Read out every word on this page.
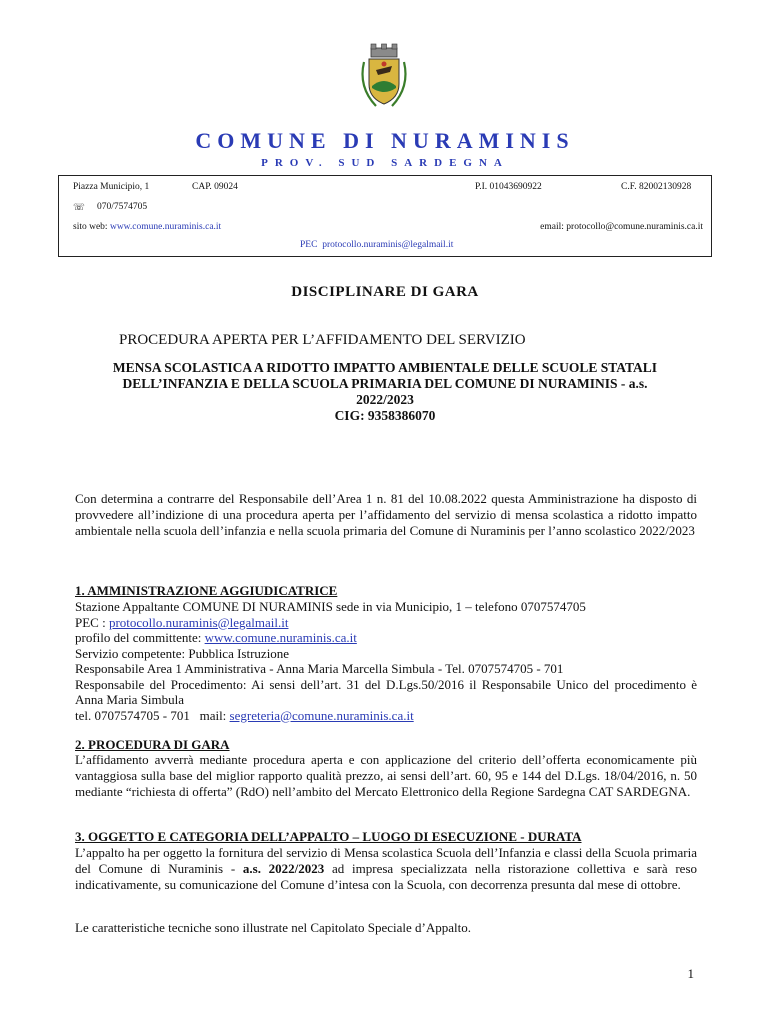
COMUNE DI NURAMINIS
PROV. SUD SARDEGNA
Piazza Municipio, 1	CAP. 09024	P.I. 01043690922	C.F. 82002130928
☏ 070/7574705
sito web: www.comune.nuraminis.ca.it	email: protocollo@comune.nuraminis.ca.it
PEC protocollo.nuraminis@legalmail.it
DISCIPLINARE DI GARA
PROCEDURA APERTA PER L’AFFIDAMENTO DEL SERVIZIO
MENSA SCOLASTICA A RIDOTTO IMPATTO AMBIENTALE DELLE SCUOLE STATALI DELL’INFANZIA E DELLA SCUOLA PRIMARIA DEL COMUNE DI NURAMINIS - a.s. 2022/2023
CIG: 9358386070
Con determina a contrarre del Responsabile dell’Area 1 n. 81 del 10.08.2022 questa Amministrazione ha disposto di provvedere all’indizione di una procedura aperta per l’affidamento del servizio di mensa scolastica a ridotto impatto ambientale nella scuola dell’infanzia e nella scuola primaria del Comune di Nuraminis per l’anno scolastico 2022/2023
1. AMMINISTRAZIONE AGGIUDICATRICE
Stazione Appaltante COMUNE DI NURAMINIS sede in via Municipio, 1 – telefono 0707574705
PEC : protocollo.nuraminis@legalmail.it
profilo del committente: www.comune.nuraminis.ca.it
Servizio competente: Pubblica Istruzione
Responsabile Area 1 Amministrativa - Anna Maria Marcella Simbula - Tel. 0707574705 - 701
Responsabile del Procedimento: Ai sensi dell’art. 31 del D.Lgs.50/2016 il Responsabile Unico del procedimento è Anna Maria Simbula
tel. 0707574705 - 701 mail: segreteria@comune.nuraminis.ca.it
2. PROCEDURA DI GARA
L’affidamento avverrà mediante procedura aperta e con applicazione del criterio dell’offerta economicamente più vantaggiosa sulla base del miglior rapporto qualità prezzo, ai sensi dell’art. 60, 95 e 144 del D.Lgs. 18/04/2016, n. 50 mediante “richiesta di offerta” (RdO) nell’ambito del Mercato Elettronico della Regione Sardegna CAT SARDEGNA.
3. OGGETTO E CATEGORIA DELL’APPALTO – LUOGO DI ESECUZIONE - DURATA
L’appalto ha per oggetto la fornitura del servizio di Mensa scolastica Scuola dell’Infanzia e classi della Scuola primaria del Comune di Nuraminis - a.s. 2022/2023 ad impresa specializzata nella ristorazione collettiva e sarà reso indicativamente, su comunicazione del Comune d’intesa con la Scuola, con decorrenza presunta dal mese di ottobre.
Le caratteristiche tecniche sono illustrate nel Capitolato Speciale d’Appalto.
1
